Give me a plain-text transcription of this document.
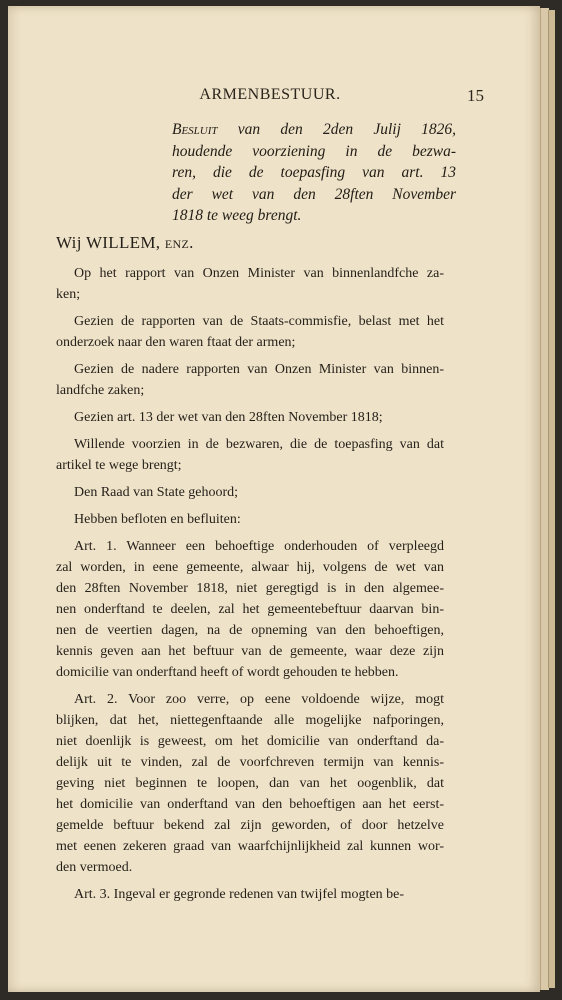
ARMENBESTUUR.	15
Besluit van den 2den Julij 1826,
houdende voorziening in de bezwa-
ren, die de toepasfing van art. 13
der wet van den 28ften November
1818 te weeg brengt.
Wij WILLEM, enz.
Op het rapport van Onzen Minister van binnenlandfche za-
ken;
Gezien de rapporten van de Staats-commisfie, belast met het
onderzoek naar den waren ftaat der armen;
Gezien de nadere rapporten van Onzen Minister van binnen-
landfche zaken;
Gezien art. 13 der wet van den 28ften November 1818;
Willende voorzien in de bezwaren, die de toepasfing van dat
artikel te wege brengt;
Den Raad van State gehoord;
Hebben befloten en befluiten:
Art. 1. Wanneer een behoeftige onderhouden of verpleegd
zal worden, in eene gemeente, alwaar hij, volgens de wet van
den 28ften November 1818, niet geregtigd is in den algemee-
nen onderftand te deelen, zal het gemeentebeftuur daarvan bin-
nen de veertien dagen, na de opneming van den behoeftigen,
kennis geven aan het beftuur van de gemeente, waar deze zijn
domicilie van onderftand heeft of wordt gehouden te hebben.
Art. 2. Voor zoo verre, op eene voldoende wijze, mogt
blijken, dat het, niettegenftaande alle mogelijke nafporingen,
niet doenlijk is geweest, om het domicilie van onderftand da-
delijk uit te vinden, zal de voorfchreven termijn van kennis-
geving niet beginnen te loopen, dan van het oogenblik, dat
het domicilie van onderftand van den behoeftigen aan het eerst-
gemelde beftuur bekend zal zijn geworden, of door hetzelve
met eenen zekeren graad van waarfchijnlijkheid zal kunnen wor-
den vermoed.
Art. 3. Ingeval er gegronde redenen van twijfel mogten be-
